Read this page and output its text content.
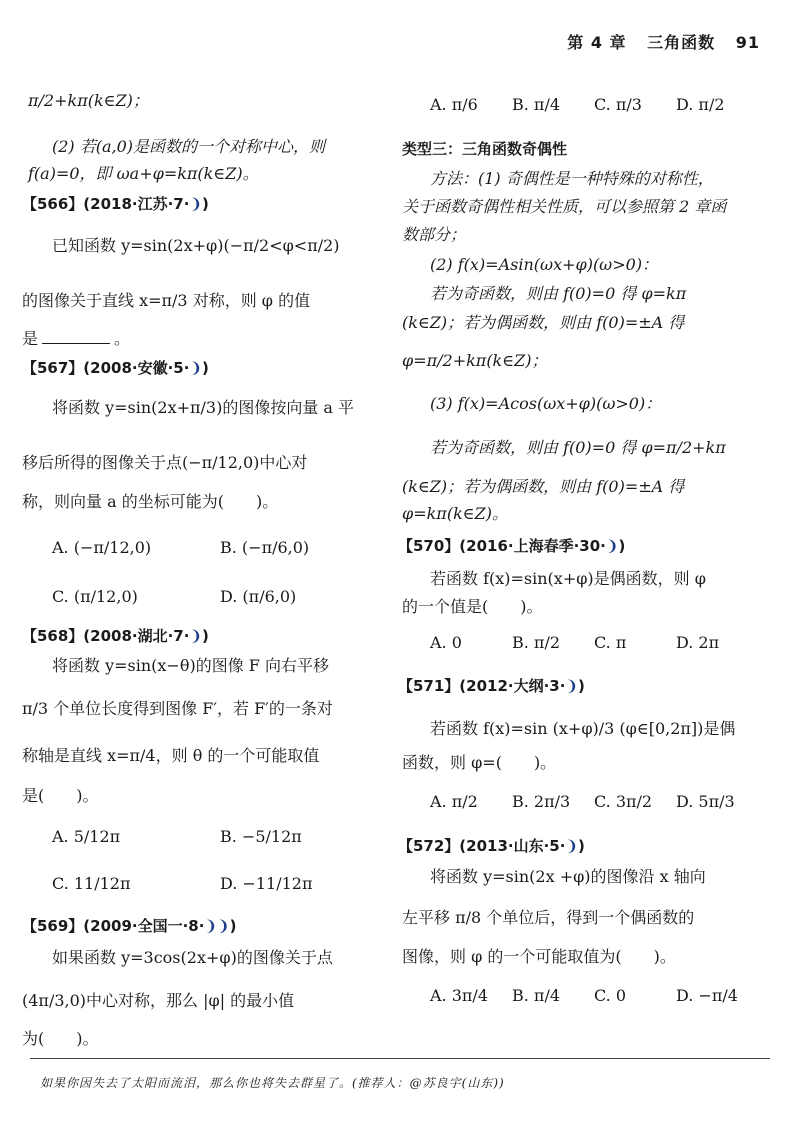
第 4 章 三角函数 91
π/2+kπ(k∈Z)；
(2) 若(a,0)是函数的一个对称中心，则
f(a)=0，即 ωa+φ=kπ(k∈Z)。
【566】(2018·江苏·7·❩)
已知函数 y=sin(2x+φ)(−π/2<φ<π/2)
的图像关于直线 x=π/3 对称，则 φ 的值
是	。
【567】(2008·安徽·5·❩)
将函数 y=sin(2x+π/3)的图像按向量 a 平
移后所得的图像关于点(−π/12,0)中心对
称，则向量 a 的坐标可能为(　　)。
A. (−π/12,0)	B. (−π/6,0)
C. (π/12,0)	D. (π/6,0)
【568】(2008·湖北·7·❩)
将函数 y=sin(x−θ)的图像 F 向右平移
π/3 个单位长度得到图像 F′，若 F′的一条对
称轴是直线 x=π/4，则 θ 的一个可能取值
是(　　)。
A. 5/12π	B. −5/12π
C. 11/12π	D. −11/12π
【569】(2009·全国一·8·❩❩)
如果函数 y=3cos(2x+φ)的图像关于点
(4π/3,0)中心对称，那么 |φ| 的最小值
为(　　)。
A. π/6 B. π/4 C. π/3 D. π/2
类型三：三角函数奇偶性
方法：(1) 奇偶性是一种特殊的对称性，
关于函数奇偶性相关性质，可以参照第 2 章函
数部分；
(2) f(x)=Asin(ωx+φ)(ω>0)：
若为奇函数，则由 f(0)=0 得 φ=kπ
(k∈Z)；若为偶函数，则由 f(0)=±A 得
φ=π/2+kπ(k∈Z)；
(3) f(x)=Acos(ωx+φ)(ω>0)：
若为奇函数，则由 f(0)=0 得 φ=π/2+kπ
(k∈Z)；若为偶函数，则由 f(0)=±A 得
φ=kπ(k∈Z)。
【570】(2016·上海春季·30·❩)
若函数 f(x)=sin(x+φ)是偶函数，则 φ
的一个值是(　　)。
A. 0	B. π/2 C. π	D. 2π
【571】(2012·大纲·3·❩)
若函数 f(x)=sin (x+φ)/3 (φ∈[0,2π])是偶
函数，则 φ=(　　)。
A. π/2 B. 2π/3 C. 3π/2 D. 5π/3
【572】(2013·山东·5·❩)
将函数 y=sin(2x +φ)的图像沿 x 轴向
左平移 π/8 个单位后，得到一个偶函数的
图像，则 φ 的一个可能取值为(　　)。
A. 3π/4 B. π/4 C. 0	D. −π/4
如果你因失去了太阳而流泪，那么你也将失去群星了。(推荐人：@苏良宇(山东))
